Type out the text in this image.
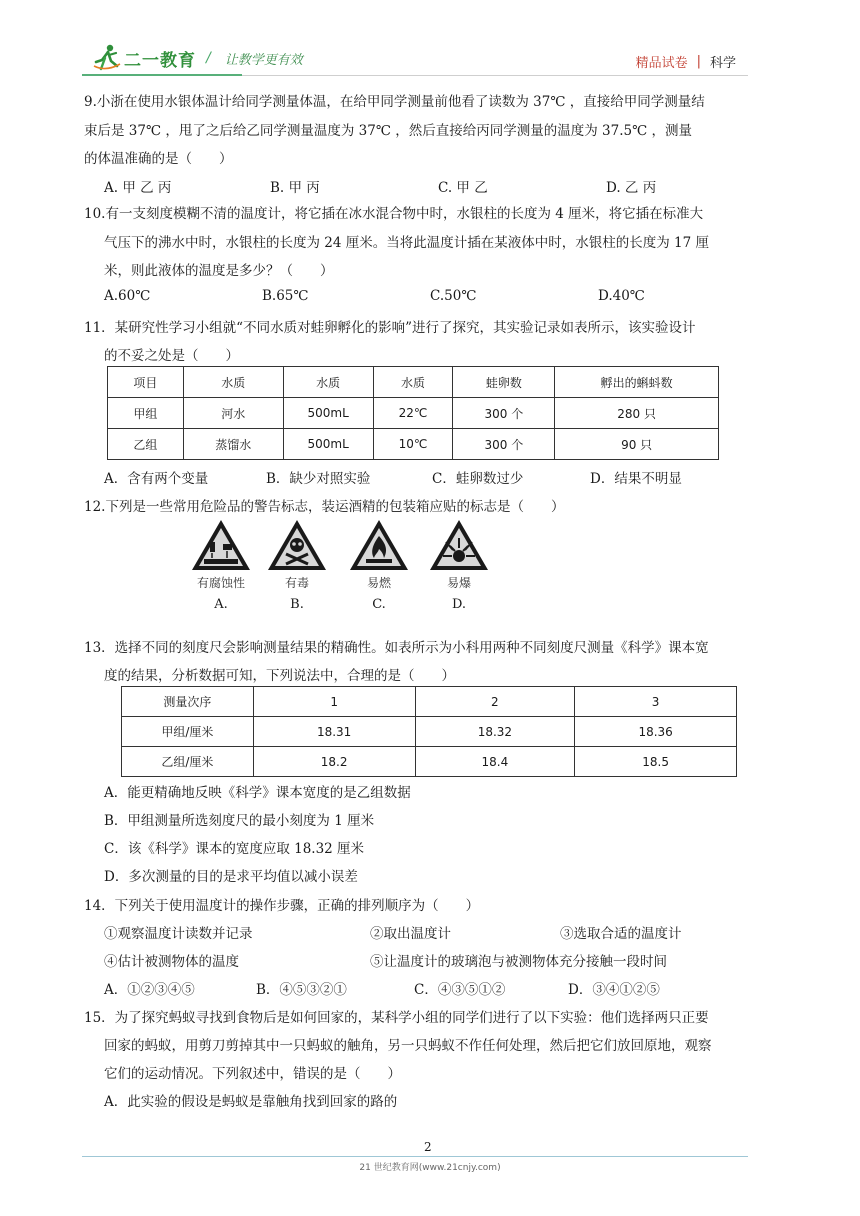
二一教育 / 让教学更有效	精品试卷 | 科学
9.小浙在使用水银体温计给同学测量体温，在给甲同学测量前他看了读数为 37℃ ，直接给甲同学测量结
束后是 37℃ ，甩了之后给乙同学测量温度为 37℃ ，然后直接给丙同学测量的温度为 37.5℃ ，测量
的体温准确的是（　　）
A. 甲 乙 丙	B. 甲 丙	C. 甲 乙	D. 乙 丙
10.有一支刻度模糊不清的温度计，将它插在冰水混合物中时，水银柱的长度为 4 厘米，将它插在标准大
气压下的沸水中时，水银柱的长度为 24 厘米。当将此温度计插在某液体中时，水银柱的长度为 17 厘
米，则此液体的温度是多少？（　　）
A.60℃	B.65℃	C.50℃	D.40℃
11．某研究性学习小组就“不同水质对蛙卵孵化的影响”进行了探究，其实验记录如表所示，该实验设计
的不妥之处是（　　）
项目	水质	水质	水质	蛙卵数	孵出的蝌蚪数
甲组	河水	500mL	22℃	300 个	280 只
乙组	蒸馏水	500mL	10℃	300 个	90 只
A．含有两个变量	B．缺少对照实验	C．蛙卵数过少	D．结果不明显
12.下列是一些常用危险品的警告标志，装运酒精的包装箱应贴的标志是（　　）
有腐蚀性
A.
有毒
B.
易燃
C.
易爆
D.
13．选择不同的刻度尺会影响测量结果的精确性。如表所示为小科用两种不同刻度尺测量《科学》课本宽
度的结果，分析数据可知，下列说法中，合理的是（　　）
测量次序	1	2	3
甲组/厘米	18.31	18.32	18.36
乙组/厘米	18.2	18.4	18.5
A．能更精确地反映《科学》课本宽度的是乙组数据
B．甲组测量所选刻度尺的最小刻度为 1 厘米
C．该《科学》课本的宽度应取 18.32 厘米
D．多次测量的目的是求平均值以减小误差
14．下列关于使用温度计的操作步骤，正确的排列顺序为（　　）
①观察温度计读数并记录	②取出温度计	③选取合适的温度计
④估计被测物体的温度	⑤让温度计的玻璃泡与被测物体充分接触一段时间
A．①②③④⑤	B．④⑤③②①	C．④③⑤①②	D．③④①②⑤
15．为了探究蚂蚁寻找到食物后是如何回家的，某科学小组的同学们进行了以下实验：他们选择两只正要
回家的蚂蚁，用剪刀剪掉其中一只蚂蚁的触角，另一只蚂蚁不作任何处理，然后把它们放回原地，观察
它们的运动情况。下列叙述中，错误的是（　　）
A．此实验的假设是蚂蚁是靠触角找到回家的路的
2
21 世纪教育网(www.21cnjy.com)
